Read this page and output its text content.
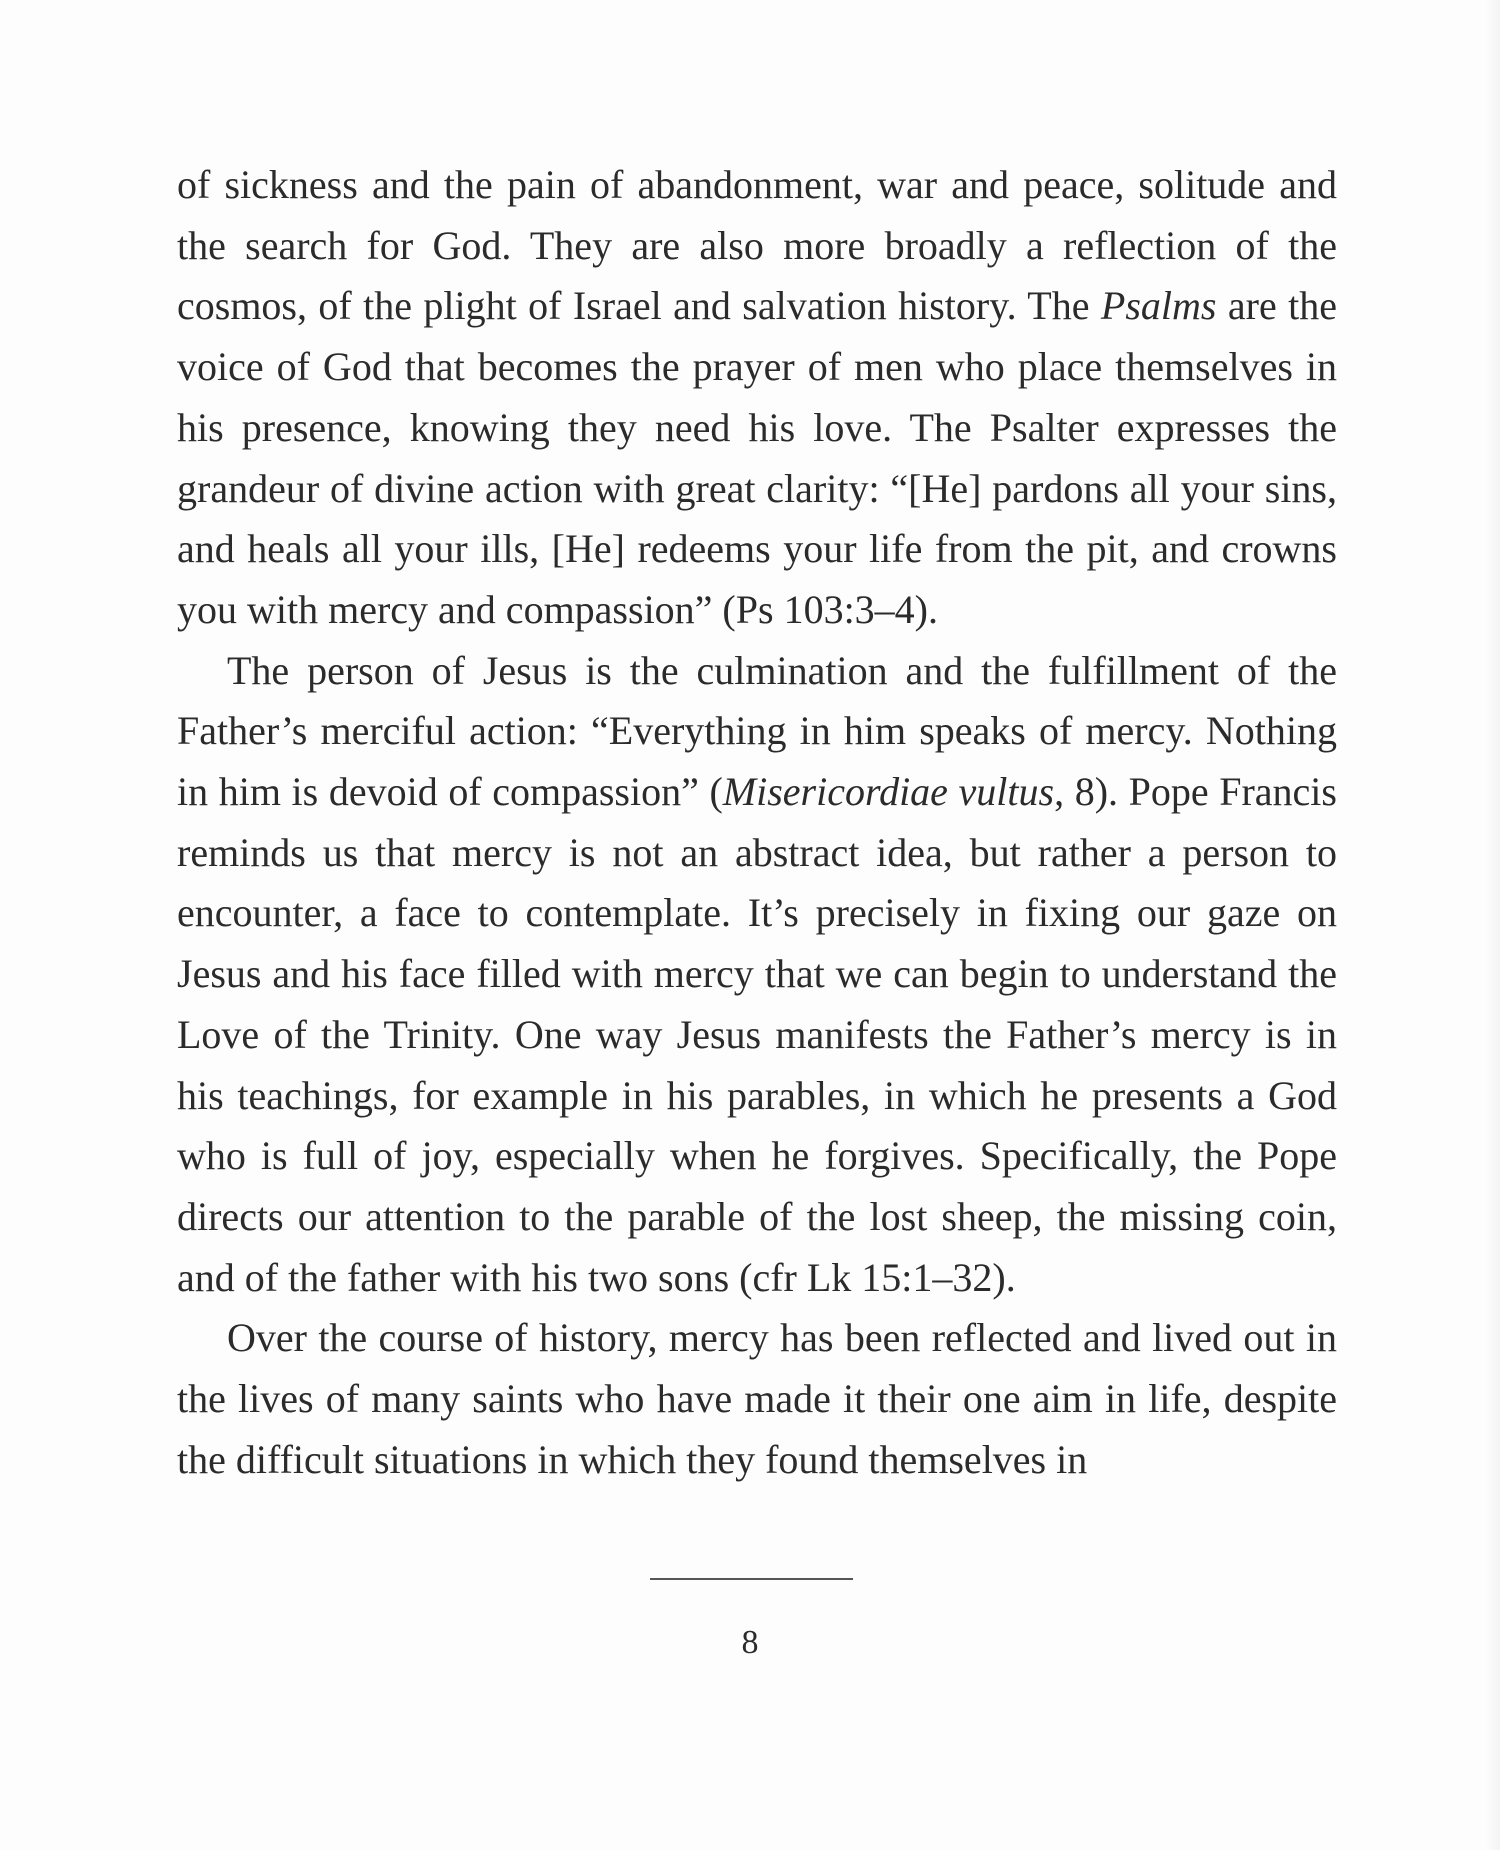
of sickness and the pain of abandonment, war and peace, solitude and the search for God. They are also more broadly a reflection of the cosmos, of the plight of Israel and salvation history. The Psalms are the voice of God that becomes the prayer of men who place themselves in his presence, knowing they need his love. The Psalter expresses the grandeur of divine action with great clarity: “[He] pardons all your sins, and heals all your ills, [He] redeems your life from the pit, and crowns you with mercy and compassion” (Ps 103:3–4).

The person of Jesus is the culmination and the fulfillment of the Father’s merciful action: “Everything in him speaks of mercy. Nothing in him is devoid of compassion” (Misericordiae vultus, 8). Pope Francis reminds us that mercy is not an abstract idea, but rather a person to encounter, a face to contemplate. It’s precisely in fixing our gaze on Jesus and his face filled with mercy that we can begin to understand the Love of the Trinity. One way Jesus manifests the Father’s mercy is in his teachings, for example in his parables, in which he presents a God who is full of joy, especially when he forgives. Specifically, the Pope directs our attention to the parable of the lost sheep, the missing coin, and of the father with his two sons (cfr Lk 15:1–32).

Over the course of history, mercy has been reflected and lived out in the lives of many saints who have made it their one aim in life, despite the difficult situations in which they found themselves in

8
